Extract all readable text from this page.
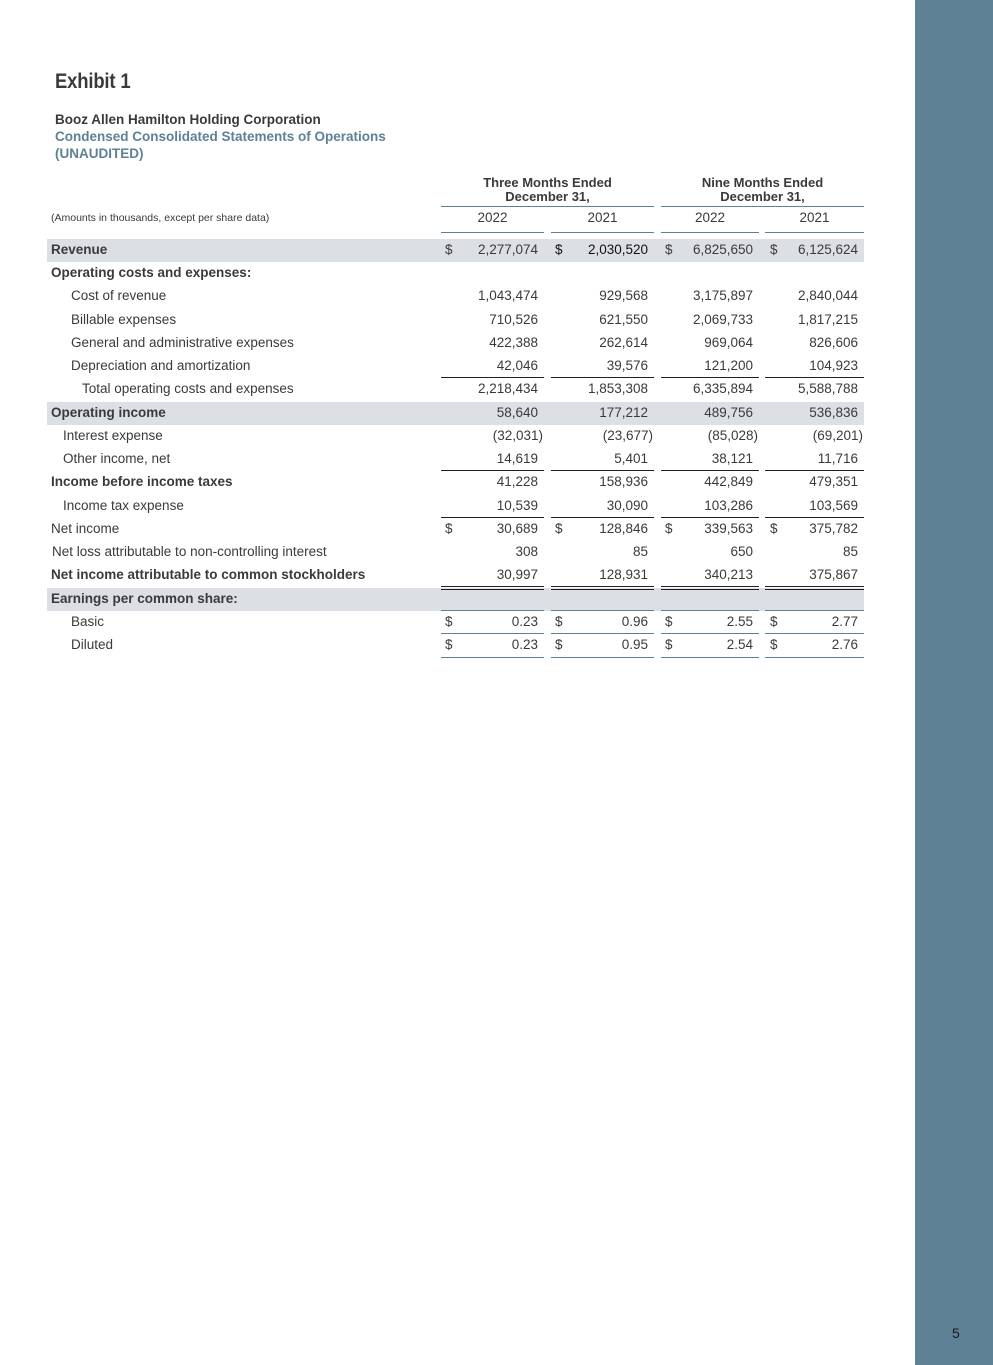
5
Exhibit 1
Booz Allen Hamilton Holding Corporation
Condensed Consolidated Statements of Operations
(UNAUDITED)
Three Months Ended
December 31,
Nine Months Ended
December 31,
(Amounts in thousands, except per share data)	2022	2021	2022	2021
Revenue	$ 2,277,074 $ 2,030,520 $ 6,825,650 $ 6,125,624
Operating costs and expenses:
Cost of revenue	1,043,474	929,568	3,175,897	2,840,044
Billable expenses	710,526	621,550	2,069,733	1,817,215
General and administrative expenses	422,388	262,614	969,064	826,606
Depreciation and amortization	42,046	39,576	121,200	104,923
Total operating costs and expenses	2,218,434	1,853,308	6,335,894	5,588,788
Operating income	58,640	177,212	489,756	536,836
Interest expense	(32,031)	(23,677)	(85,028)	(69,201)
Other income, net	14,619	5,401	38,121	11,716
Income before income taxes	41,228	158,936	442,849	479,351
Income tax expense	10,539	30,090	103,286	103,569
Net income	$	30,689 $	128,846 $ 339,563 $ 375,782
Net loss attributable to non-controlling interest	308	85	650	85
Net income attributable to common stockholders	30,997	128,931	340,213	375,867
Earnings per common share:
Basic	$	0.23 $	0.96 $	2.55 $	2.77
Diluted	$	0.23 $	0.95 $	2.54 $	2.76
